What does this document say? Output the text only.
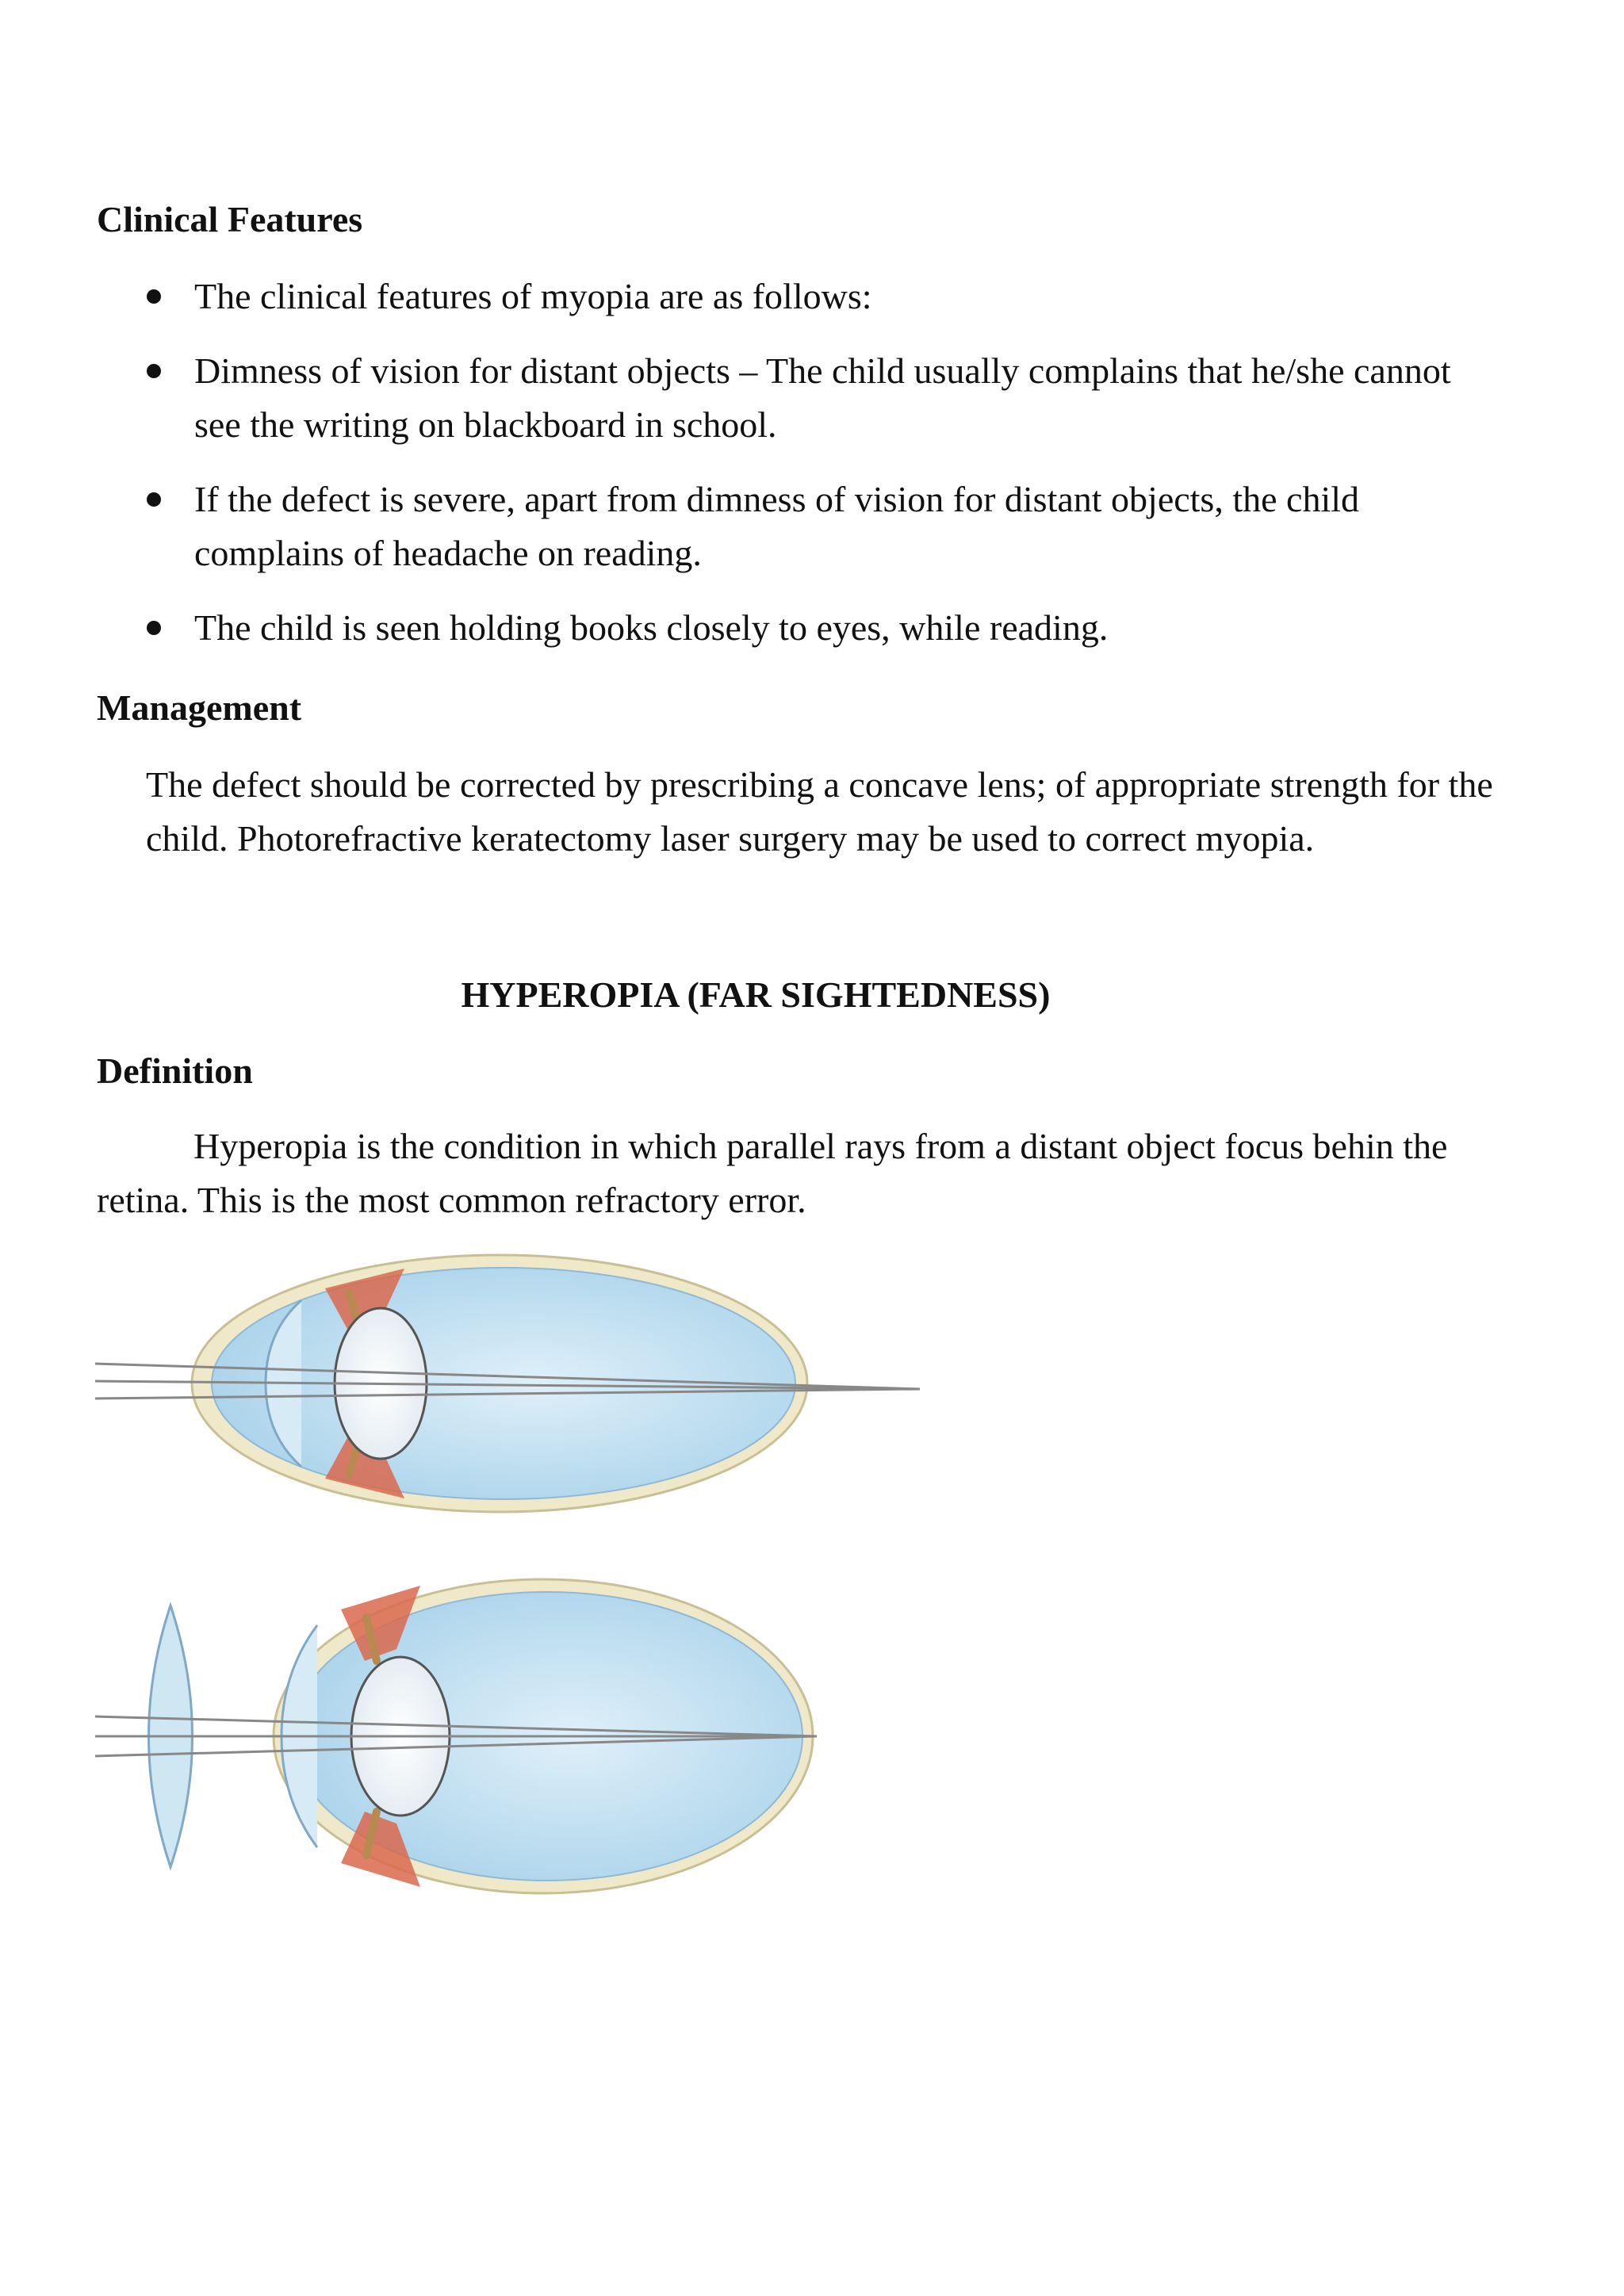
Clinical Features
The clinical features of myopia are as follows:
Dimness of vision for distant objects – The child usually complains that he/she cannot see the writing on blackboard in school.
If the defect is severe, apart from dimness of vision for distant objects, the child complains of headache on reading.
The child is seen holding books closely to eyes, while reading.
Management

The defect should be corrected by prescribing a concave lens; of appropriate strength for the child. Photorefractive keratectomy laser surgery may be used to correct myopia.

HYPEROPIA (FAR SIGHTEDNESS)
Definition

Hyperopia is the condition in which parallel rays from a distant object focus behin the retina. This is the most common refractory error.
